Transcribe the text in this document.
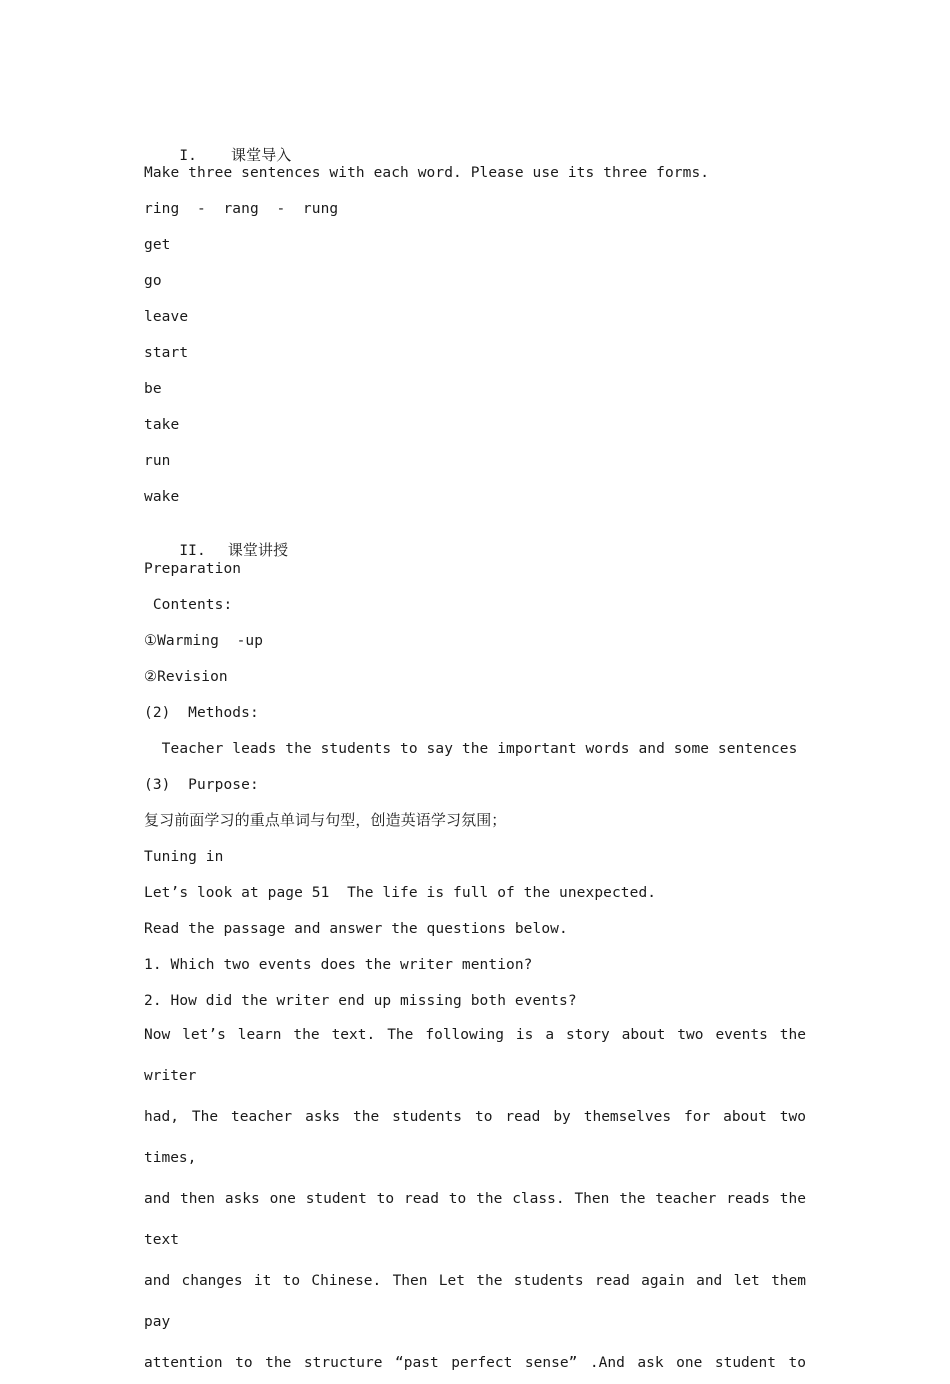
I. 课堂导入

Make three sentences with each word. Please use its three forms.
ring  -  rang  -  rung
get
go
leave
start
be
take
run
wake

II. 课堂讲授

Preparation
Contents:
①Warming  -up
②Revision
(2)  Methods:
Teacher leads the students to say the important words and some sentences
(3)  Purpose:
复习前面学习的重点单词与句型，创造英语学习氛围；
Tuning in
Let’s look at page 51  The life is full of the unexpected.
Read the passage and answer the questions below.
1. Which two events does the writer mention?
2. How did the writer end up missing both events?
Now let’s learn the text. The following is a story about two events the writer
had, The teacher asks the students to read by themselves for about two times,
and then asks one student to read to the class. Then the teacher reads the text
and changes it to Chinese. Then Let the students read again and let them pay
attention to the structure “past perfect sense” .And ask one student to
